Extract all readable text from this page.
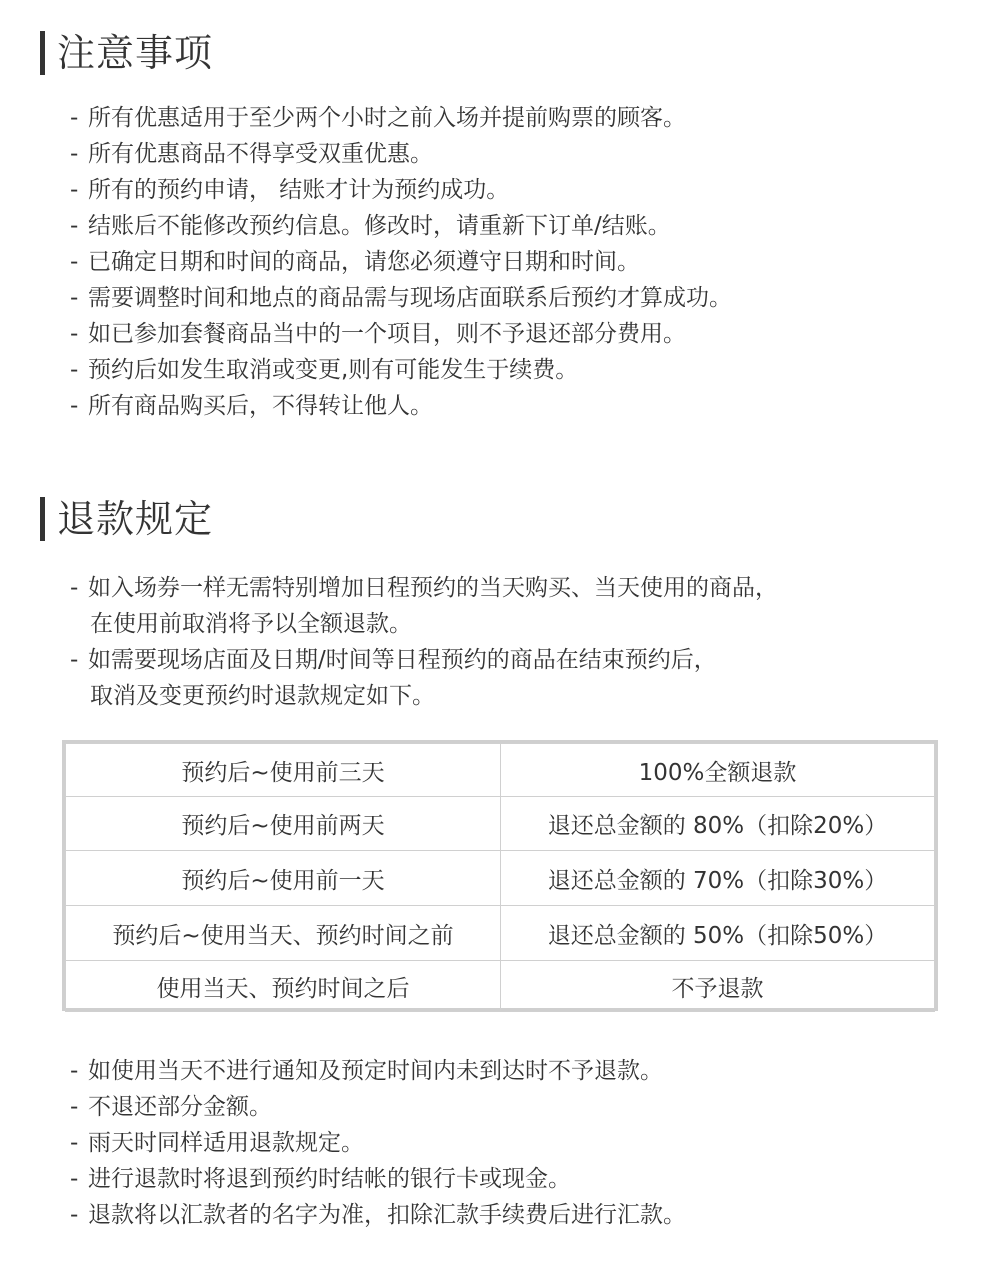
注意事项
- 所有优惠适用于至少两个小时之前入场并提前购票的顾客。
- 所有优惠商品不得享受双重优惠。
- 所有的预约申请， 结账才计为预约成功。
- 结账后不能修改预约信息。修改时，请重新下订单/结账。
- 已确定日期和时间的商品，请您必须遵守日期和时间。
- 需要调整时间和地点的商品需与现场店面联系后预约才算成功。
- 如已参加套餐商品当中的一个项目，则不予退还部分费用。
- 预约后如发生取消或变更,则有可能发生于续费。
- 所有商品购买后，不得转让他人。
退款规定
- 如入场券一样无需特别增加日程预约的当天购买、当天使用的商品，
在使用前取消将予以全额退款。
- 如需要现场店面及日期/时间等日程预约的商品在结束预约后，
取消及变更预约时退款规定如下。
预约后~使用前三天	100%全额退款
预约后~使用前两天	退还总金额的 80%（扣除20%）
预约后~使用前一天	退还总金额的 70%（扣除30%）
预约后~使用当天、预约时间之前	退还总金额的 50%（扣除50%）
使用当天、预约时间之后	不予退款
- 如使用当天不进行通知及预定时间内未到达时不予退款。
- 不退还部分金额。
- 雨天时同样适用退款规定。
- 进行退款时将退到预约时结帐的银行卡或现金。
- 退款将以汇款者的名字为准，扣除汇款手续费后进行汇款。
